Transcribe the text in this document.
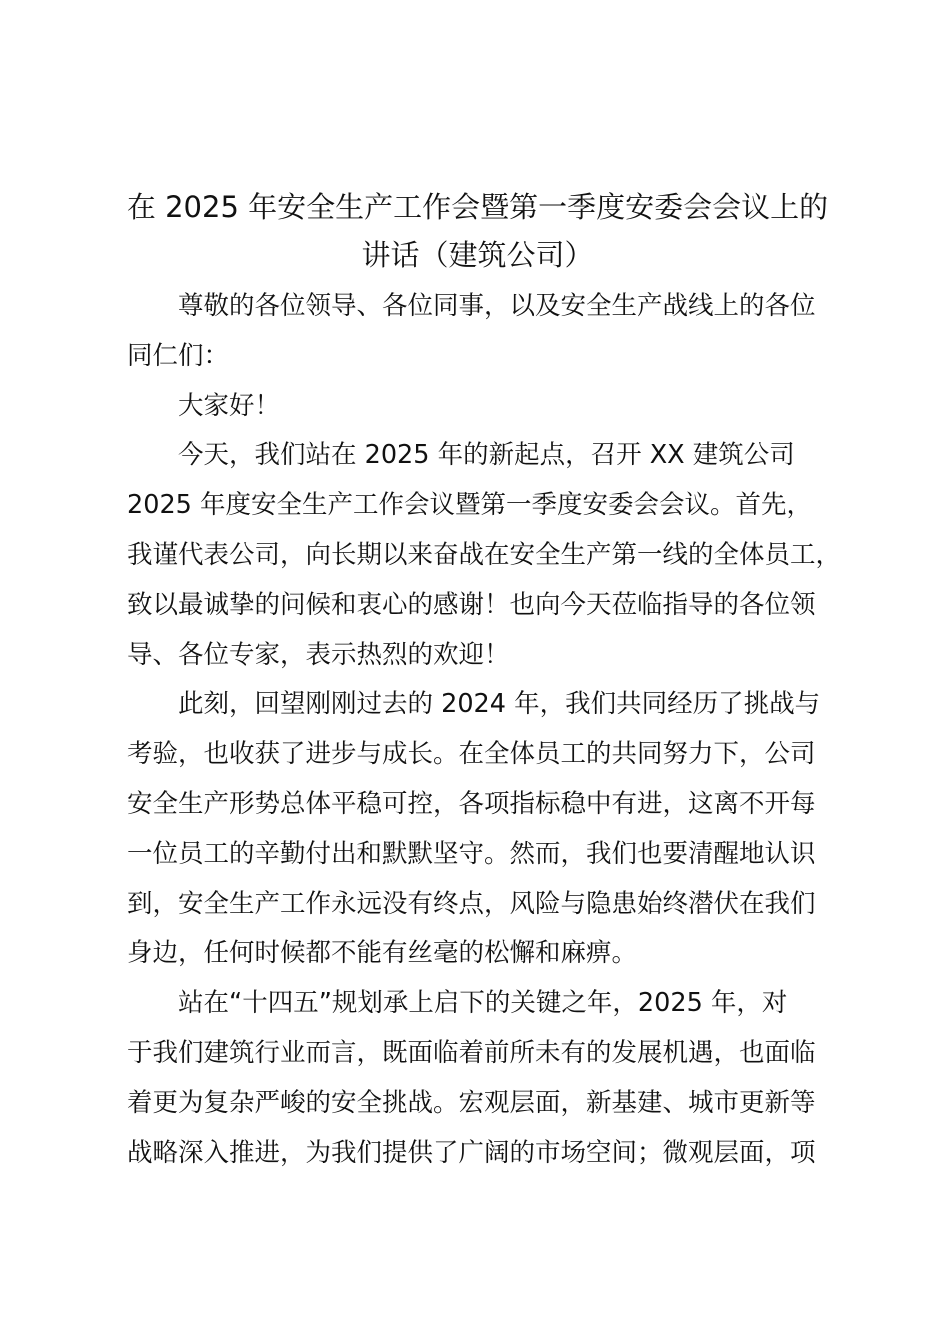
在 2025 年安全生产工作会暨第一季度安委会会议上的
讲话（建筑公司）
尊敬的各位领导、各位同事，以及安全生产战线上的各位
同仁们：
大家好！
今天，我们站在 2025 年的新起点，召开 XX 建筑公司
2025 年度安全生产工作会议暨第一季度安委会会议。首先，
我谨代表公司，向长期以来奋战在安全生产第一线的全体员工，
致以最诚挚的问候和衷心的感谢！也向今天莅临指导的各位领
导、各位专家，表示热烈的欢迎！
此刻，回望刚刚过去的 2024 年，我们共同经历了挑战与
考验，也收获了进步与成长。在全体员工的共同努力下，公司
安全生产形势总体平稳可控，各项指标稳中有进，这离不开每
一位员工的辛勤付出和默默坚守。然而，我们也要清醒地认识
到，安全生产工作永远没有终点，风险与隐患始终潜伏在我们
身边，任何时候都不能有丝毫的松懈和麻痹。
站在“十四五”规划承上启下的关键之年，2025 年，对
于我们建筑行业而言，既面临着前所未有的发展机遇，也面临
着更为复杂严峻的安全挑战。宏观层面，新基建、城市更新等
战略深入推进，为我们提供了广阔的市场空间；微观层面，项
